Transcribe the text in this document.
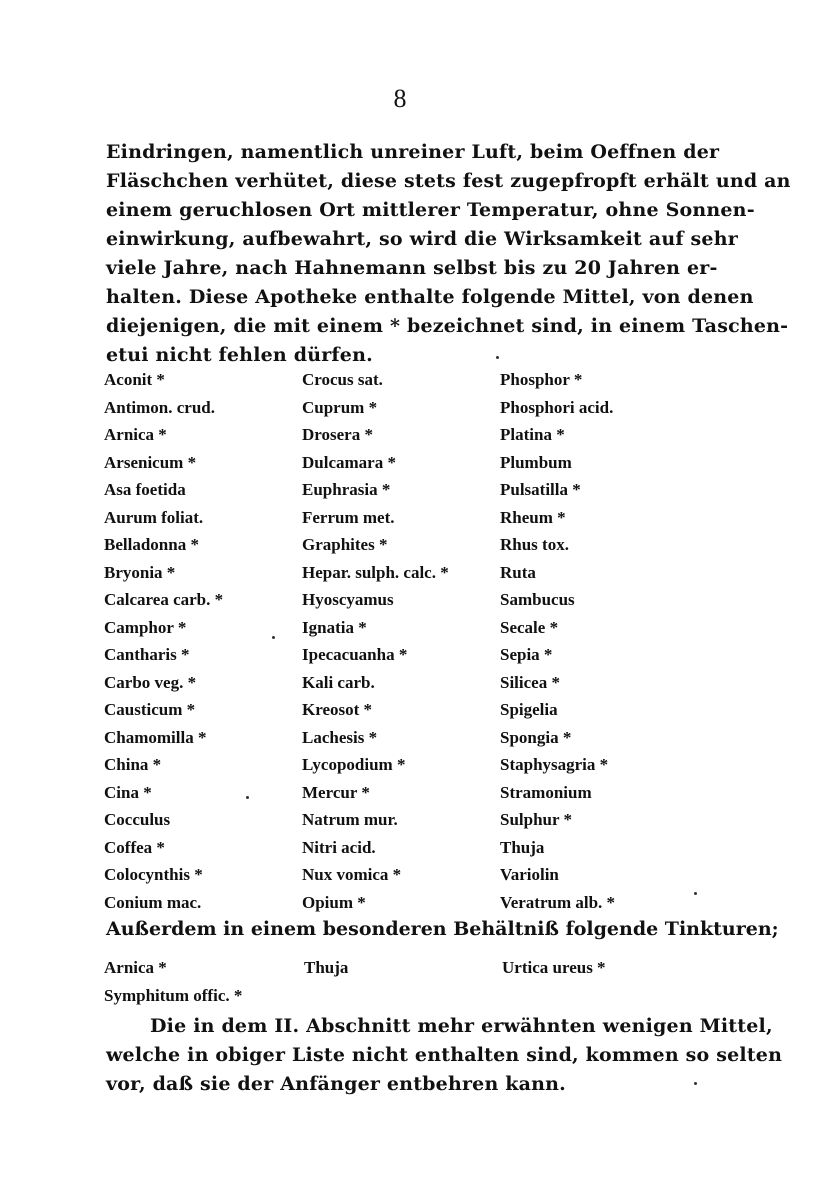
8
Eindringen, namentlich unreiner Luft, beim Oeffnen der
Fläschchen verhütet, diese stets fest zugepfropft erhält und an
einem geruchlosen Ort mittlerer Temperatur, ohne Sonnen-
einwirkung, aufbewahrt, so wird die Wirksamkeit auf sehr
viele Jahre, nach Hahnemann selbst bis zu 20 Jahren er-
halten. Diese Apotheke enthalte folgende Mittel, von denen
diejenigen, die mit einem * bezeichnet sind, in einem Taschen-
etui nicht fehlen dürfen.
Aconit *
Antimon. crud.
Arnica *
Arsenicum *
Asa foetida
Aurum foliat.
Belladonna *
Bryonia *
Calcarea carb. *
Camphor *
Cantharis *
Carbo veg. *
Causticum *
Chamomilla *
China *
Cina *
Cocculus
Coffea *
Colocynthis *
Conium mac.
Crocus sat.
Cuprum *
Drosera *
Dulcamara *
Euphrasia *
Ferrum met.
Graphites *
Hepar. sulph. calc. *
Hyoscyamus
Ignatia *
Ipecacuanha *
Kali carb.
Kreosot *
Lachesis *
Lycopodium *
Mercur *
Natrum mur.
Nitri acid.
Nux vomica *
Opium *
Phosphor *
Phosphori acid.
Platina *
Plumbum
Pulsatilla *
Rheum *
Rhus tox.
Ruta
Sambucus
Secale *
Sepia *
Silicea *
Spigelia
Spongia *
Staphysagria *
Stramonium
Sulphur *
Thuja
Variolin
Veratrum alb. *
Außerdem in einem besonderen Behältniß folgende Tinkturen;
Arnica *	Thuja	Urtica ureus *
Symphitum offic. *
Die in dem II. Abschnitt mehr erwähnten wenigen Mittel,
welche in obiger Liste nicht enthalten sind, kommen so selten
vor, daß sie der Anfänger entbehren kann.
